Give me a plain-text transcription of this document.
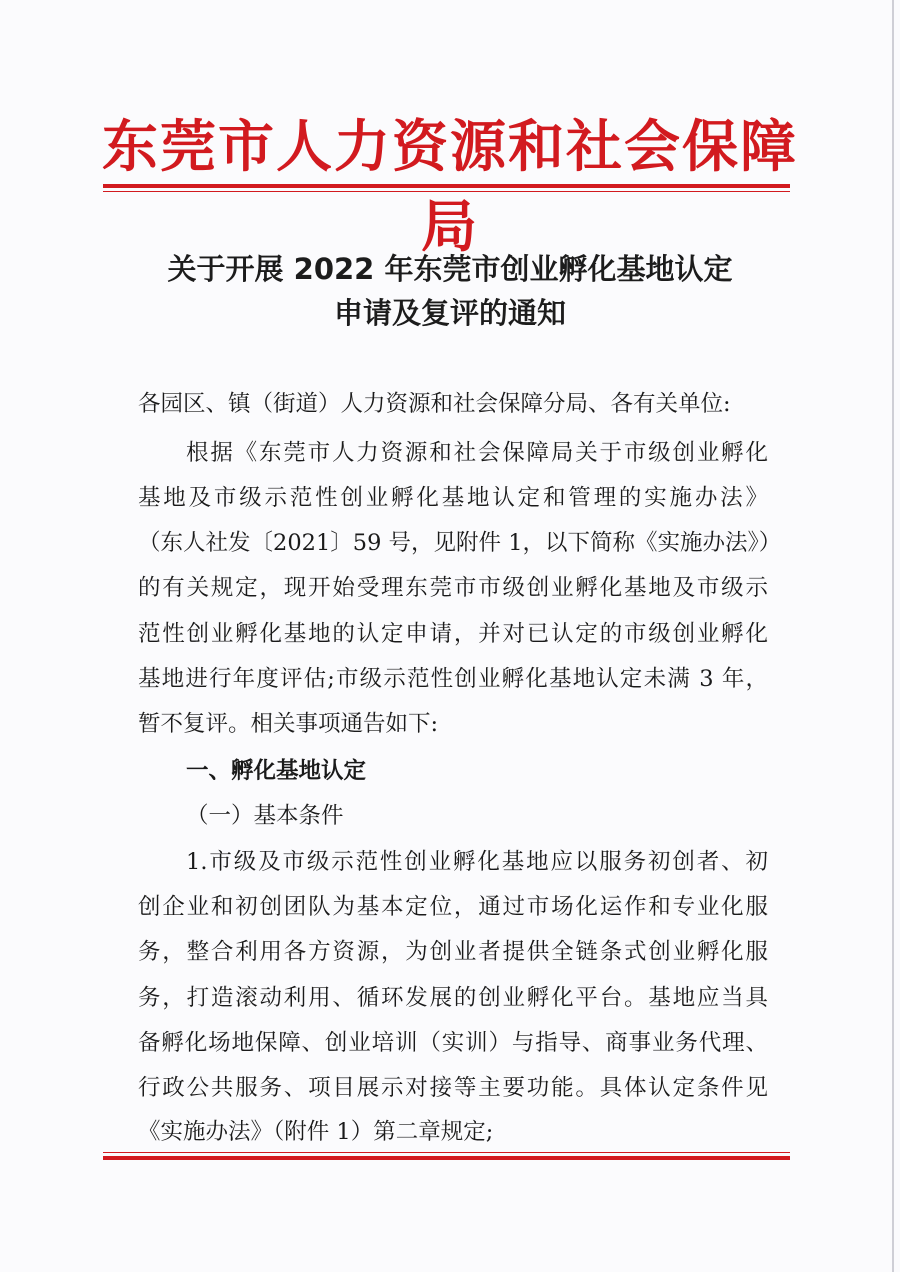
东莞市人力资源和社会保障局
关于开展 2022 年东莞市创业孵化基地认定
申请及复评的通知
各园区、镇（街道）人力资源和社会保障分局、各有关单位:
根据《东莞市人力资源和社会保障局关于市级创业孵化
基地及市级示范性创业孵化基地认定和管理的实施办法》
（东人社发〔2021〕59 号，见附件 1，以下简称《实施办法》）
的有关规定，现开始受理东莞市市级创业孵化基地及市级示
范性创业孵化基地的认定申请，并对已认定的市级创业孵化
基地进行年度评估;市级示范性创业孵化基地认定未满 3 年，
暂不复评。相关事项通告如下:
一、孵化基地认定
（一）基本条件
1.市级及市级示范性创业孵化基地应以服务初创者、初
创企业和初创团队为基本定位，通过市场化运作和专业化服
务，整合利用各方资源，为创业者提供全链条式创业孵化服
务，打造滚动利用、循环发展的创业孵化平台。基地应当具
备孵化场地保障、创业培训（实训）与指导、商事业务代理、
行政公共服务、项目展示对接等主要功能。具体认定条件见
《实施办法》（附件 1）第二章规定;
